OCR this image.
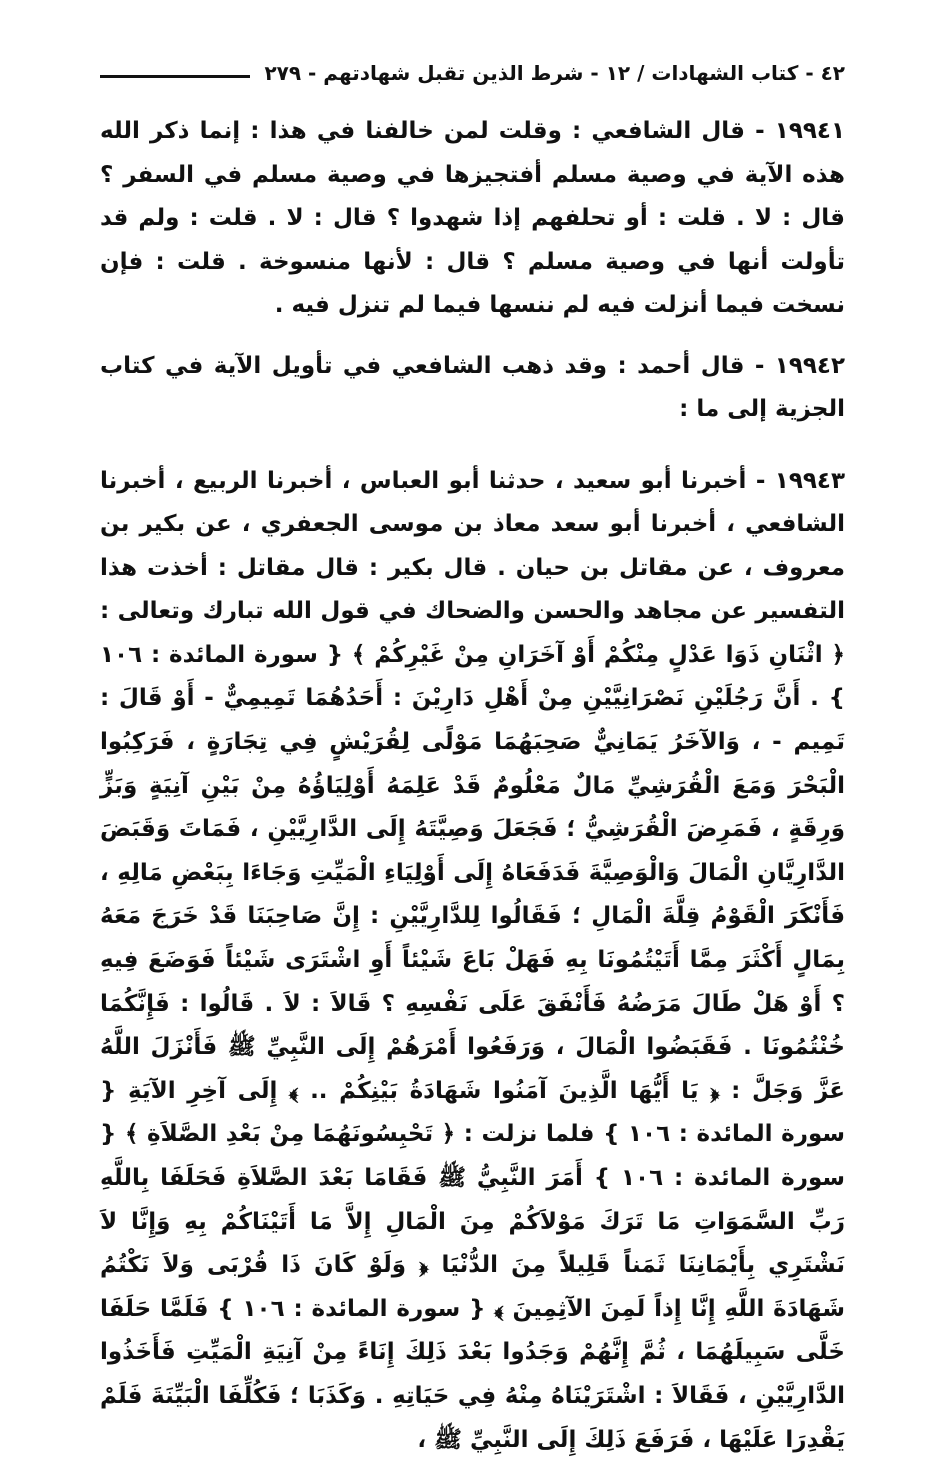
٤٢ - كتاب الشهادات / ١٢ - شرط الذين تقبل شهادتهم - ٢٧٩

١٩٩٤١ - قال الشافعي : وقلت لمن خالفنا في هذا : إنما ذكر الله هذه الآية في وصية مسلم أفتجيزها في وصية مسلم في السفر ؟ قال : لا . قلت : أو تحلفهم إذا شهدوا ؟ قال : لا . قلت : ولم قد تأولت أنها في وصية مسلم ؟ قال : لأنها منسوخة . قلت : فإن نسخت فيما أنزلت فيه لم ننسها فيما لم تنزل فيه .

١٩٩٤٢ - قال أحمد : وقد ذهب الشافعي في تأويل الآية في كتاب الجزية إلى ما :

١٩٩٤٣ - أخبرنا أبو سعيد ، حدثنا أبو العباس ، أخبرنا الربيع ، أخبرنا الشافعي ، أخبرنا أبو سعد معاذ بن موسى الجعفري ، عن بكير بن معروف ، عن مقاتل بن حيان . قال بكير : قال مقاتل : أخذت هذا التفسير عن مجاهد والحسن والضحاك في قول الله تبارك وتعالى : ﴿ اثْنَانِ ذَوَا عَدْلٍ مِنْكُمْ أَوْ آخَرَانِ مِنْ غَيْرِكُمْ ﴾ { سورة المائدة : ١٠٦ } . أَنَّ رَجُلَيْنِ نَصْرَانِيَّيْنِ مِنْ أَهْلِ دَارِيْنَ : أَحَدُهُمَا تَمِيمِيٌّ - أَوْ قَالَ : تَمِيم - ، وَالآخَرُ يَمَانِيٌّ صَحِبَهُمَا مَوْلًى لِقُرَيْشٍ فِي تِجَارَةٍ ، فَرَكِبُوا الْبَحْرَ وَمَعَ الْقُرَشِيِّ مَالٌ مَعْلُومٌ قَدْ عَلِمَهُ أَوْلِيَاؤُهُ مِنْ بَيْنِ آنِيَةٍ وَبَزٍّ وَرِقَةٍ ، فَمَرِضَ الْقُرَشِيُّ ؛ فَجَعَلَ وَصِيَّتَهُ إِلَى الدَّارِيَّيْنِ ، فَمَاتَ وَقَبَضَ الدَّارِيَّانِ الْمَالَ وَالْوَصِيَّةَ فَدَفَعَاهُ إِلَى أَوْلِيَاءِ الْمَيِّتِ وَجَاءَا بِبَعْضِ مَالِهِ ، فَأَنْكَرَ الْقَوْمُ قِلَّةَ الْمَالِ ؛ فَقَالُوا لِلدَّارِيَّيْنِ : إِنَّ صَاحِبَنَا قَدْ خَرَجَ مَعَهُ بِمَالٍ أَكْثَرَ مِمَّا أَتَيْتُمُونَا بِهِ فَهَلْ بَاعَ شَيْئاً أَوِ اشْتَرَى شَيْئاً فَوَضَعَ فِيهِ ؟ أَوْ هَلْ طَالَ مَرَضُهُ فَأَنْفَقَ عَلَى نَفْسِهِ ؟ قَالاَ : لاَ . قَالُوا : فَإِنَّكُمَا خُنْتُمُونَا . فَقَبَضُوا الْمَالَ ، وَرَفَعُوا أَمْرَهُمْ إِلَى النَّبِيِّ ﷺ فَأَنْزَلَ اللَّهُ عَزَّ وَجَلَّ : ﴿ يَا أَيُّهَا الَّذِينَ آمَنُوا شَهَادَةُ بَيْنِكُمْ .. ﴾ إِلَى آخِرِ الآيَةِ { سورة المائدة : ١٠٦ } فلما نزلت : ﴿ تَحْبِسُونَهُمَا مِنْ بَعْدِ الصَّلاَةِ ﴾ { سورة المائدة : ١٠٦ } أَمَرَ النَّبِيُّ ﷺ فَقَامَا بَعْدَ الصَّلاَةِ فَحَلَفَا بِاللَّهِ رَبِّ السَّمَوَاتِ مَا تَرَكَ مَوْلاَكُمْ مِنَ الْمَالِ إِلاَّ مَا أَتَيْنَاكُمْ بِهِ وَإِنَّا لاَ نَشْتَرِي بِأَيْمَانِنَا ثَمَناً قَلِيلاً مِنَ الدُّنْيَا ﴿ وَلَوْ كَانَ ذَا قُرْبَى وَلاَ نَكْتُمُ شَهَادَةَ اللَّهِ إِنَّا إِذاً لَمِنَ الآثِمِينَ ﴾ { سورة المائدة : ١٠٦ } فَلَمَّا حَلَفَا خَلَّى سَبِيلَهُمَا ، ثُمَّ إِنَّهُمْ وَجَدُوا بَعْدَ ذَلِكَ إِنَاءً مِنْ آنِيَةِ الْمَيِّتِ فَأَخَذُوا الدَّارِيَّيْنِ ، فَقَالاَ : اشْتَرَيْنَاهُ مِنْهُ فِي حَيَاتِهِ . وَكَذَبَا ؛ فَكُلِّفَا الْبَيِّنَةَ فَلَمْ يَقْدِرَا عَلَيْهَا ، فَرَفَعَ ذَلِكَ إِلَى النَّبِيِّ ﷺ ،
